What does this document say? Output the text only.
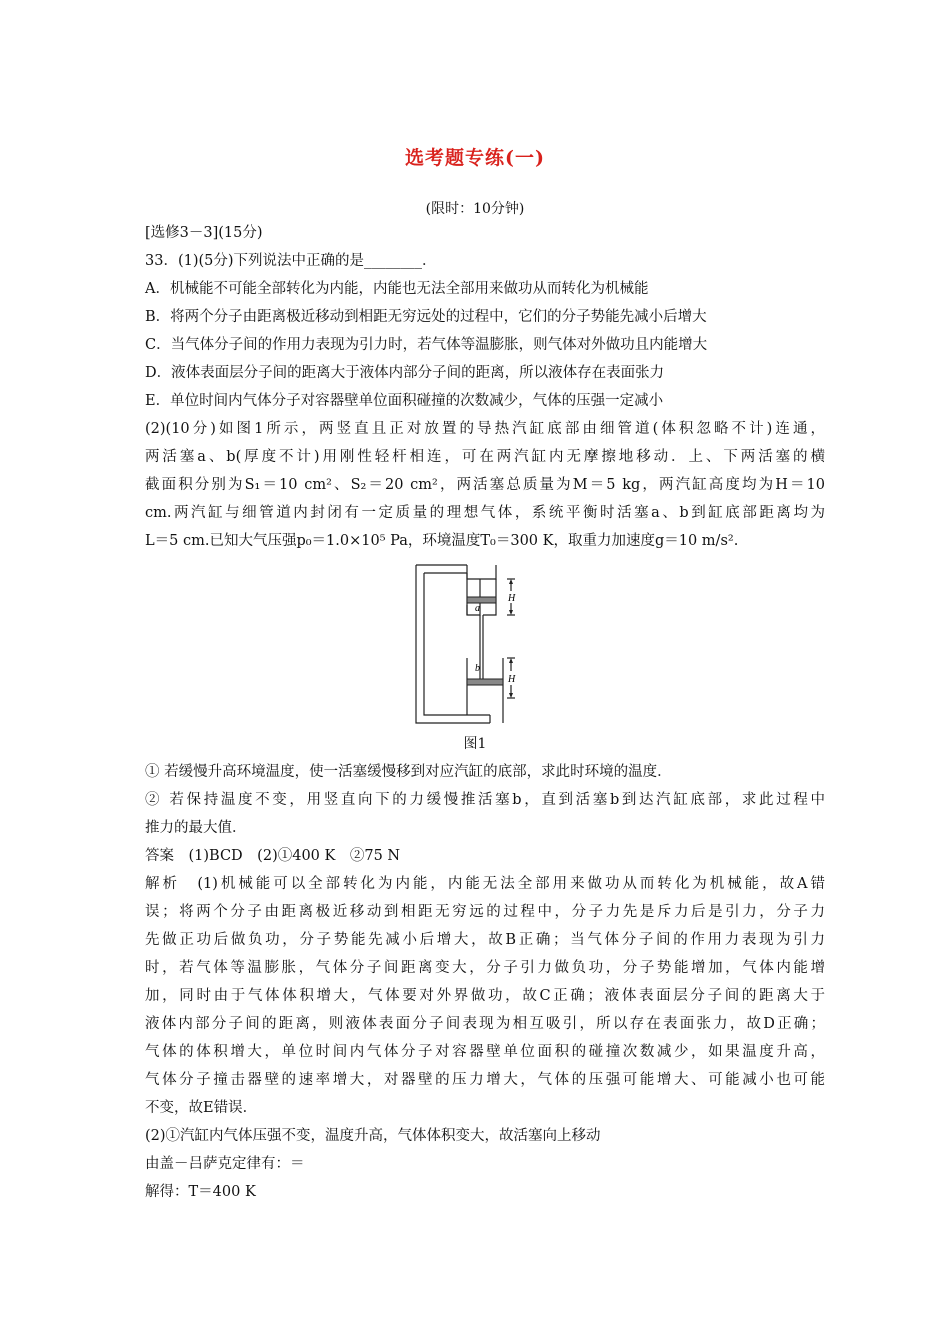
选考题专练(一)
(限时：10分钟)
[选修3－3](15分)
33．(1)(5分)下列说法中正确的是________．
A．机械能不可能全部转化为内能，内能也无法全部用来做功从而转化为机械能
B．将两个分子由距离极近移动到相距无穷远处的过程中，它们的分子势能先减小后增大
C．当气体分子间的作用力表现为引力时，若气体等温膨胀，则气体对外做功且内能增大
D．液体表面层分子间的距离大于液体内部分子间的距离，所以液体存在表面张力
E．单位时间内气体分子对容器壁单位面积碰撞的次数减少，气体的压强一定减小
(2)(10分)如图1所示，两竖直且正对放置的导热汽缸底部由细管道(体积忽略不计)连通，
两活塞a、b(厚度不计)用刚性轻杆相连，可在两汽缸内无摩擦地移动．上、下两活塞的横
截面积分别为S₁＝10 cm²、S₂＝20 cm²，两活塞总质量为M＝5 kg，两汽缸高度均为H＝10
cm.两汽缸与细管道内封闭有一定质量的理想气体，系统平衡时活塞a、b到缸底部距离均为
L＝5 cm.已知大气压强p₀＝1.0×10⁵ Pa，环境温度T₀＝300 K，取重力加速度g＝10 m/s².
a
b
H
H
图1
① 若缓慢升高环境温度，使一活塞缓慢移到对应汽缸的底部，求此时环境的温度．
② 若保持温度不变，用竖直向下的力缓慢推活塞b，直到活塞b到达汽缸底部，求此过程中
推力的最大值．
答案　(1)BCD　(2)①400 K　②75 N
解析　(1)机械能可以全部转化为内能，内能无法全部用来做功从而转化为机械能，故A错
误；将两个分子由距离极近移动到相距无穷远的过程中，分子力先是斥力后是引力，分子力
先做正功后做负功，分子势能先减小后增大，故B正确；当气体分子间的作用力表现为引力
时，若气体等温膨胀，气体分子间距离变大，分子引力做负功，分子势能增加，气体内能增
加，同时由于气体体积增大，气体要对外界做功，故C正确；液体表面层分子间的距离大于
液体内部分子间的距离，则液体表面分子间表现为相互吸引，所以存在表面张力，故D正确；
气体的体积增大，单位时间内气体分子对容器壁单位面积的碰撞次数减少，如果温度升高，
气体分子撞击器壁的速率增大，对器壁的压力增大，气体的压强可能增大、可能减小也可能
不变，故E错误．
(2)①汽缸内气体压强不变，温度升高，气体体积变大，故活塞向上移动
由盖－吕萨克定律有：＝
解得：T＝400 K
